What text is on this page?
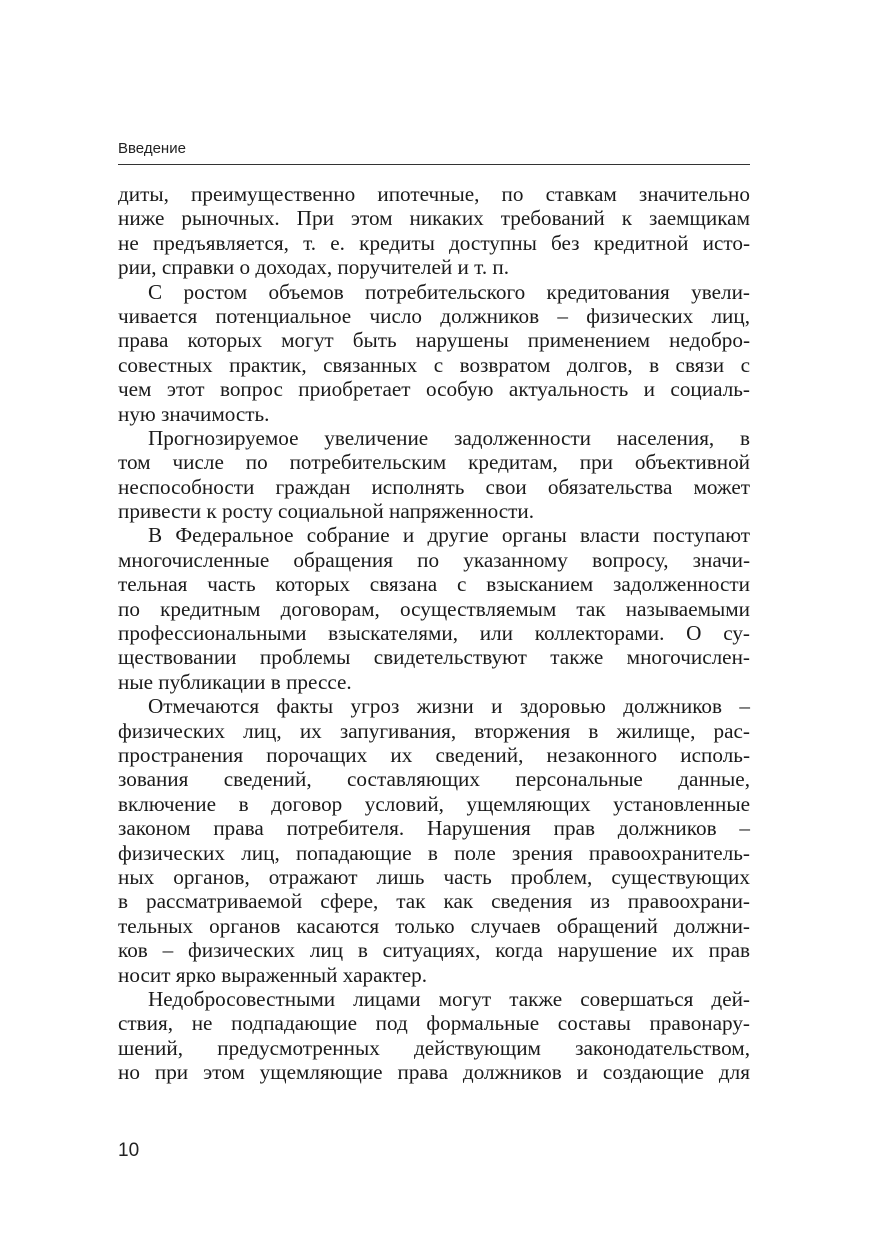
Введение
диты, преимущественно ипотечные, по ставкам значительно
ниже рыночных. При этом никаких требований к заемщикам
не предъявляется, т. е. кредиты доступны без кредитной исто-
рии, справки о доходах, поручителей и т. п.
С ростом объемов потребительского кредитования увели-
чивается потенциальное число должников – физических лиц,
права которых могут быть нарушены применением недобро-
совестных практик, связанных с возвратом долгов, в связи с
чем этот вопрос приобретает особую актуальность и социаль-
ную значимость.
Прогнозируемое увеличение задолженности населения, в
том числе по потребительским кредитам, при объективной
неспособности граждан исполнять свои обязательства может
привести к росту социальной напряженности.
В Федеральное собрание и другие органы власти поступают
многочисленные обращения по указанному вопросу, значи-
тельная часть которых связана с взысканием задолженности
по кредитным договорам, осуществляемым так называемыми
профессиональными взыскателями, или коллекторами. О су-
ществовании проблемы свидетельствуют также многочислен-
ные публикации в прессе.
Отмечаются факты угроз жизни и здоровью должников –
физических лиц, их запугивания, вторжения в жилище, рас-
пространения порочащих их сведений, незаконного исполь-
зования сведений, составляющих персональные данные,
включение в договор условий, ущемляющих установленные
законом права потребителя. Нарушения прав должников –
физических лиц, попадающие в поле зрения правоохранитель-
ных органов, отражают лишь часть проблем, существующих
в рассматриваемой сфере, так как сведения из правоохрани-
тельных органов касаются только случаев обращений должни-
ков – физических лиц в ситуациях, когда нарушение их прав
носит ярко выраженный характер.
Недобросовестными лицами могут также совершаться дей-
ствия, не подпадающие под формальные составы правонару-
шений, предусмотренных действующим законодательством,
но при этом ущемляющие права должников и создающие для
10
